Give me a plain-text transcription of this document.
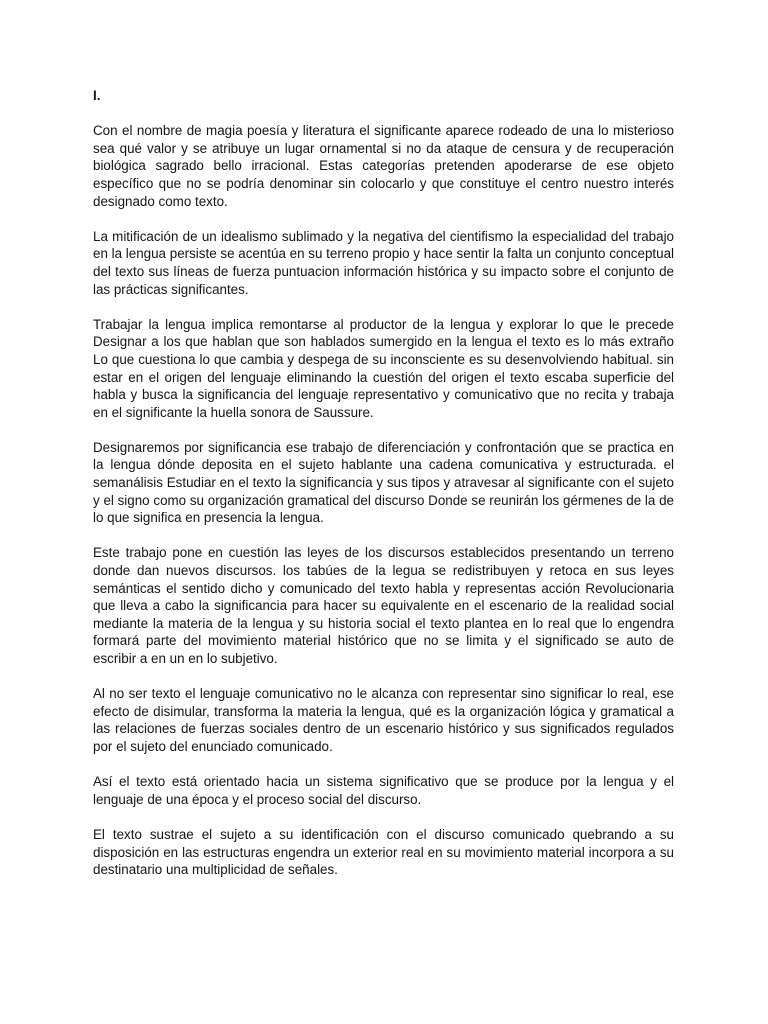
I.

Con el nombre de magia poesía y literatura el significante aparece rodeado de una lo misterioso sea qué valor y se atribuye un lugar ornamental si no da ataque de censura y de recuperación biológica sagrado bello irracional. Estas categorías pretenden apoderarse de ese objeto específico que no se podría denominar sin colocarlo y que constituye el centro nuestro interés designado como texto.

La mitificación de un idealismo sublimado y la negativa del cientifismo la especialidad del trabajo en la lengua persiste se acentúa en su terreno propio y hace sentir la falta un conjunto conceptual del texto sus líneas de fuerza puntuacion información histórica y su impacto sobre el conjunto de las prácticas significantes.

Trabajar la lengua implica remontarse al productor de la lengua y explorar lo que le precede Designar a los que hablan que son hablados sumergido en la lengua el texto es lo más extraño Lo que cuestiona lo que cambia y despega de su inconsciente es su desenvolviendo habitual. sin estar en el origen del lenguaje eliminando la cuestión del origen el texto escaba superficie del habla y busca la significancia del lenguaje representativo y comunicativo que no recita y trabaja en el significante la huella sonora de Saussure.

Designaremos por significancia ese trabajo de diferenciación y confrontación que se practica en la lengua dónde deposita en el sujeto hablante una cadena comunicativa y estructurada. el semanálisis Estudiar en el texto la significancia y sus tipos y atravesar al significante con el sujeto y el signo como su organización gramatical del discurso Donde se reunirán los gérmenes de la de lo que significa en presencia la lengua.

Este trabajo pone en cuestión las leyes de los discursos establecidos presentando un terreno donde dan nuevos discursos. los tabúes de la legua se redistribuyen y retoca en sus leyes semánticas el sentido dicho y comunicado del texto habla y representas acción Revolucionaria que lleva a cabo la significancia para hacer su equivalente en el escenario de la realidad social mediante la materia de la lengua y su historia social el texto plantea en lo real que lo engendra formará parte del movimiento material histórico que no se limita y el significado se auto de escribir a en un en lo subjetivo.

Al no ser texto el lenguaje comunicativo no le alcanza con representar sino significar lo real, ese efecto de disimular, transforma la materia la lengua, qué es la organización lógica y gramatical a las relaciones de fuerzas sociales dentro de un escenario histórico y sus significados regulados por el sujeto del enunciado comunicado.

Así el texto está orientado hacia un sistema significativo que se produce por la lengua y el lenguaje de una época y el proceso social del discurso.

El texto sustrae el sujeto a su identificación con el discurso comunicado quebrando a su disposición en las estructuras engendra un exterior real en su movimiento material incorpora a su destinatario una multiplicidad de señales.
